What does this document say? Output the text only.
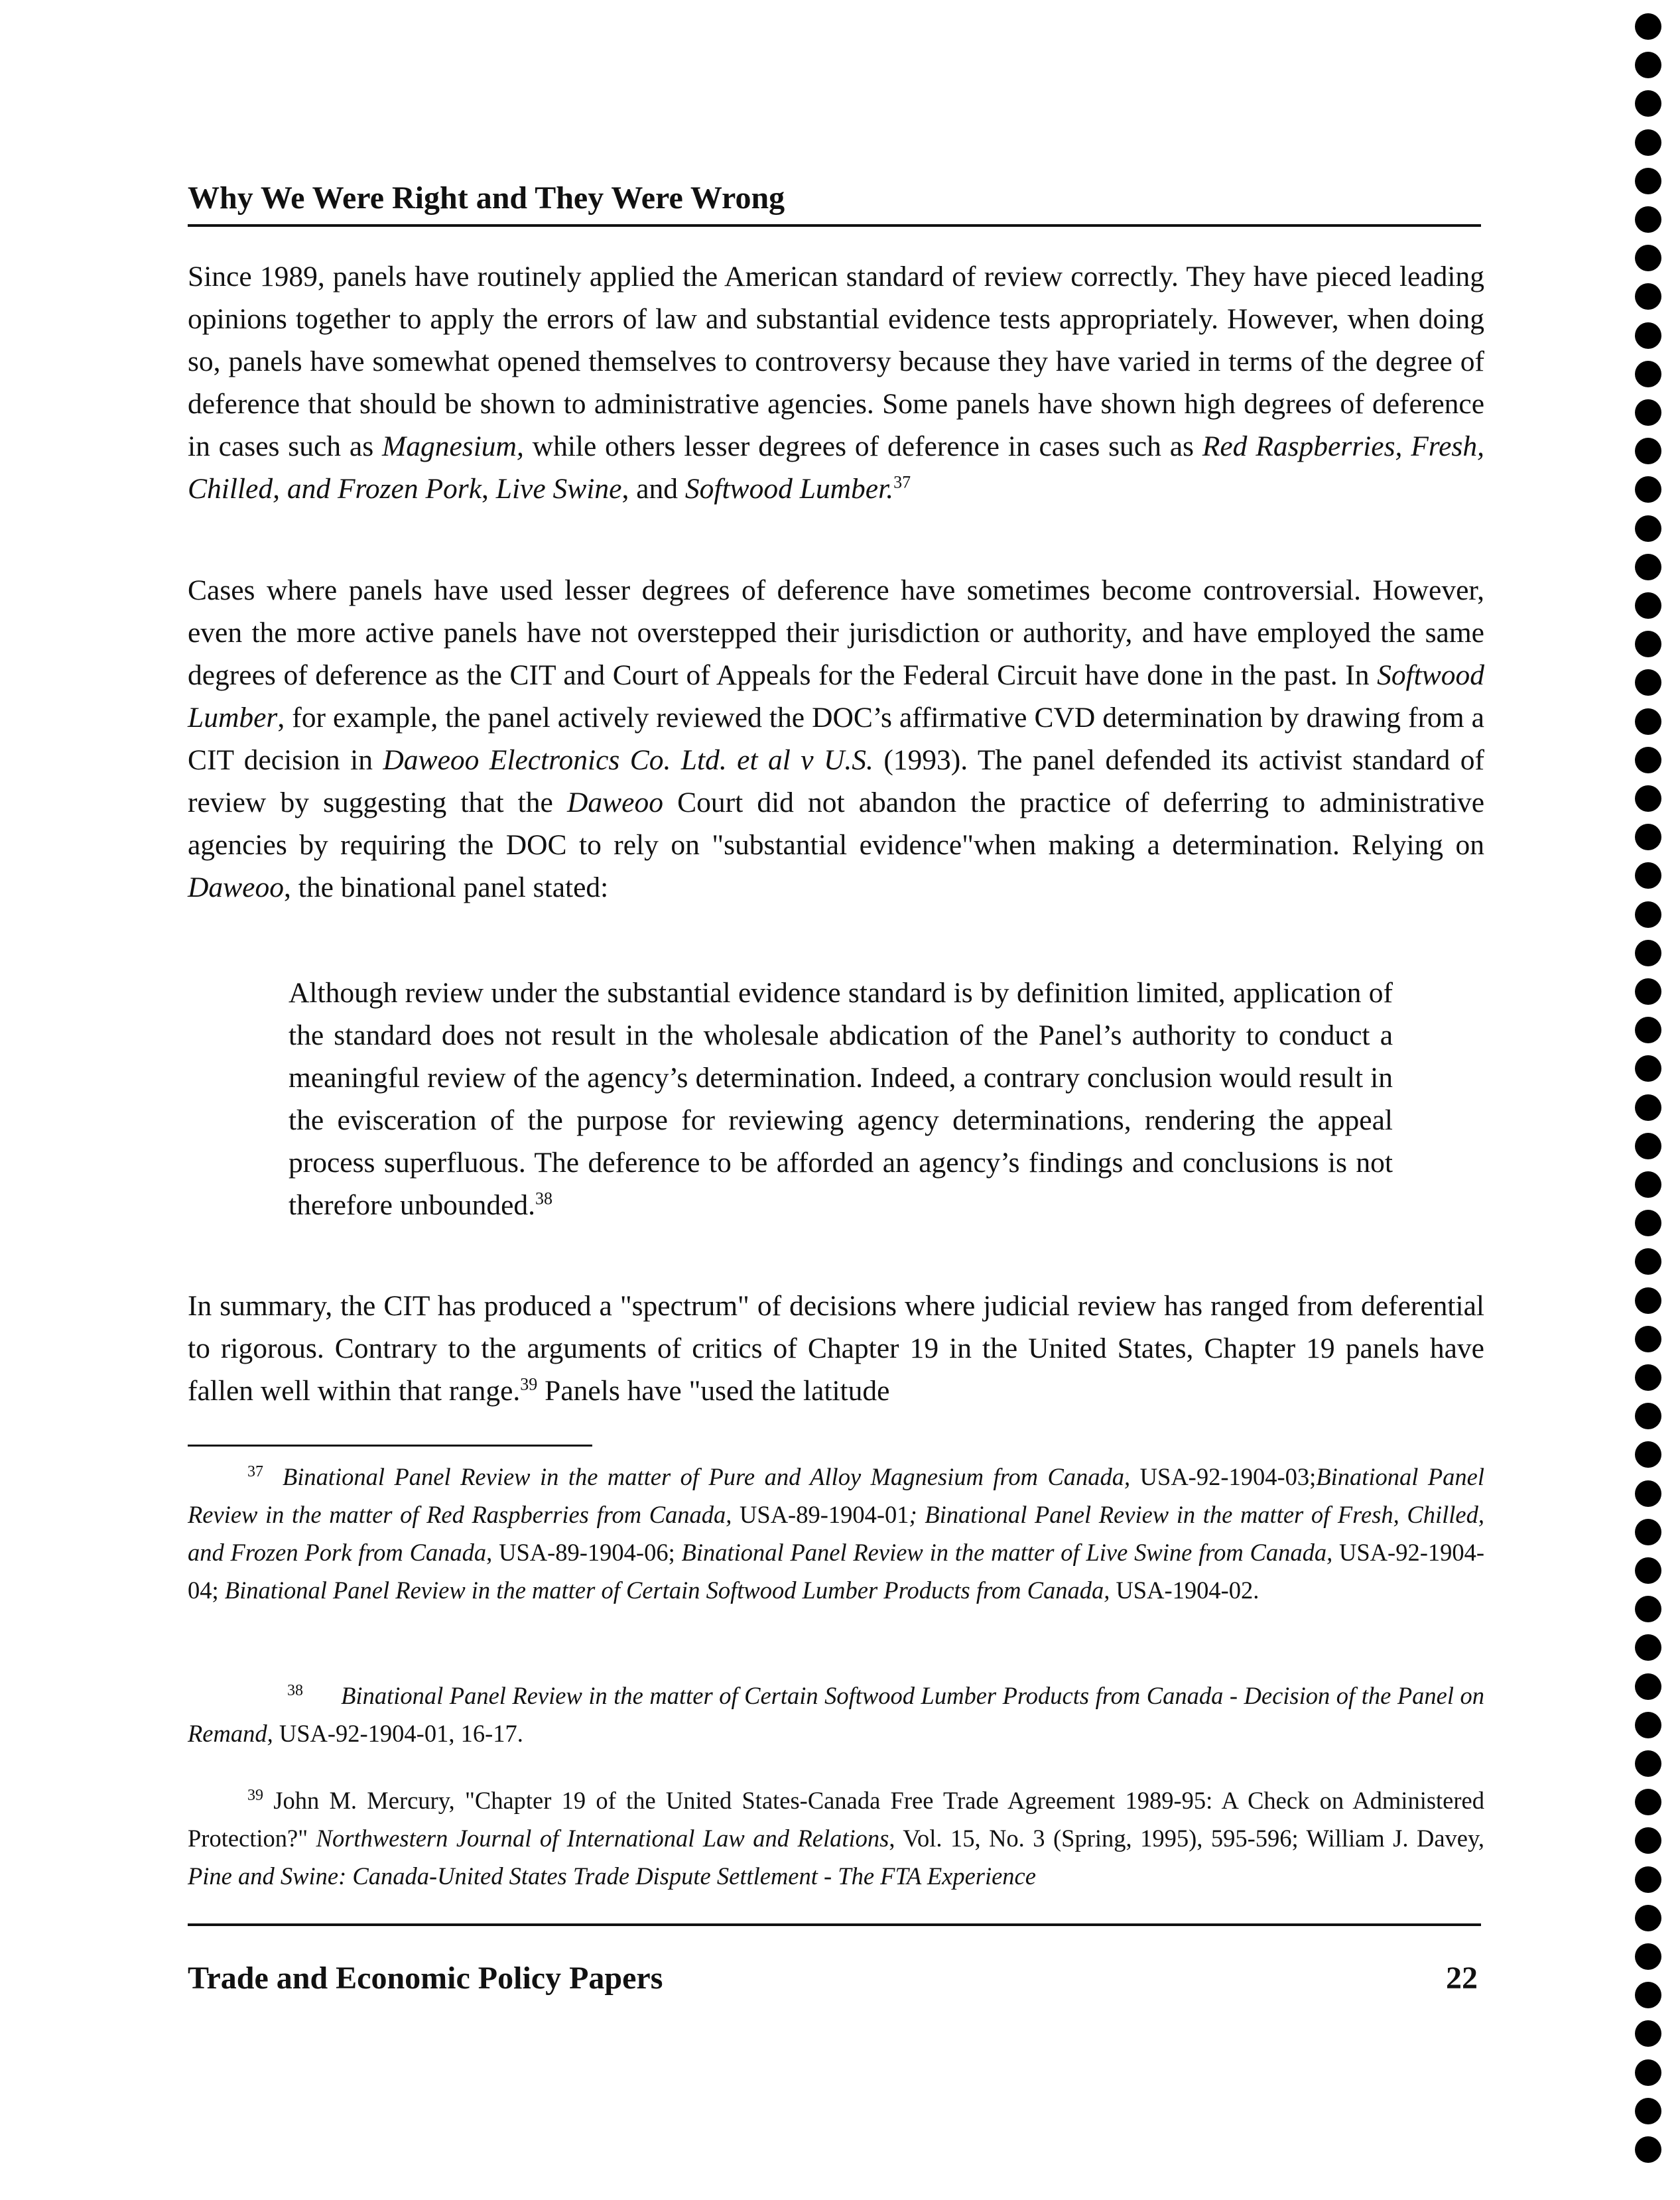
Why We Were Right and They Were Wrong

Since 1989, panels have routinely applied the American standard of review correctly. They have pieced leading opinions together to apply the errors of law and substantial evidence tests appropriately. However, when doing so, panels have somewhat opened themselves to controversy because they have varied in terms of the degree of deference that should be shown to administrative agencies. Some panels have shown high degrees of deference in cases such as Magnesium, while others lesser degrees of deference in cases such as Red Raspberries, Fresh, Chilled, and Frozen Pork, Live Swine, and Softwood Lumber.$^{37}$

Cases where panels have used lesser degrees of deference have sometimes become controversial. However, even the more active panels have not overstepped their jurisdiction or authority, and have employed the same degrees of deference as the CIT and Court of Appeals for the Federal Circuit have done in the past. In Softwood Lumber, for example, the panel actively reviewed the DOC’s affirmative CVD determination by drawing from a CIT decision in Daweoo Electronics Co. Ltd. et al v U.S. (1993). The panel defended its activist standard of review by suggesting that the Daweoo Court did not abandon the practice of deferring to administrative agencies by requiring the DOC to rely on "substantial evidence"when making a determination. Relying on Daweoo, the binational panel stated:

Although review under the substantial evidence standard is by definition limited, application of the standard does not result in the wholesale abdication of the Panel’s authority to conduct a meaningful review of the agency’s determination. Indeed, a contrary conclusion would result in the evisceration of the purpose for reviewing agency determinations, rendering the appeal process superfluous. The deference to be afforded an agency’s findings and conclusions is not therefore unbounded.$^{38}$

In summary, the CIT has produced a "spectrum" of decisions where judicial review has ranged from deferential to rigorous. Contrary to the arguments of critics of Chapter 19 in the United States, Chapter 19 panels have fallen well within that range.$^{39}$ Panels have "used the latitude

$^{37}$ Binational Panel Review in the matter of Pure and Alloy Magnesium from Canada, USA-92-1904-03;Binational Panel Review in the matter of Red Raspberries from Canada, USA-89-1904-01; Binational Panel Review in the matter of Fresh, Chilled, and Frozen Pork from Canada, USA-89-1904-06; Binational Panel Review in the matter of Live Swine from Canada, USA-92-1904-04; Binational Panel Review in the matter of Certain Softwood Lumber Products from Canada, USA-1904-02.

$^{38}$ Binational Panel Review in the matter of Certain Softwood Lumber Products from Canada - Decision of the Panel on Remand, USA-92-1904-01, 16-17.

$^{39}$ John M. Mercury, "Chapter 19 of the United States-Canada Free Trade Agreement 1989-95: A Check on Administered Protection?" Northwestern Journal of International Law and Relations, Vol. 15, No. 3 (Spring, 1995), 595-596; William J. Davey, Pine and Swine: Canada-United States Trade Dispute Settlement - The FTA Experience

Trade and Economic Policy Papers	22
